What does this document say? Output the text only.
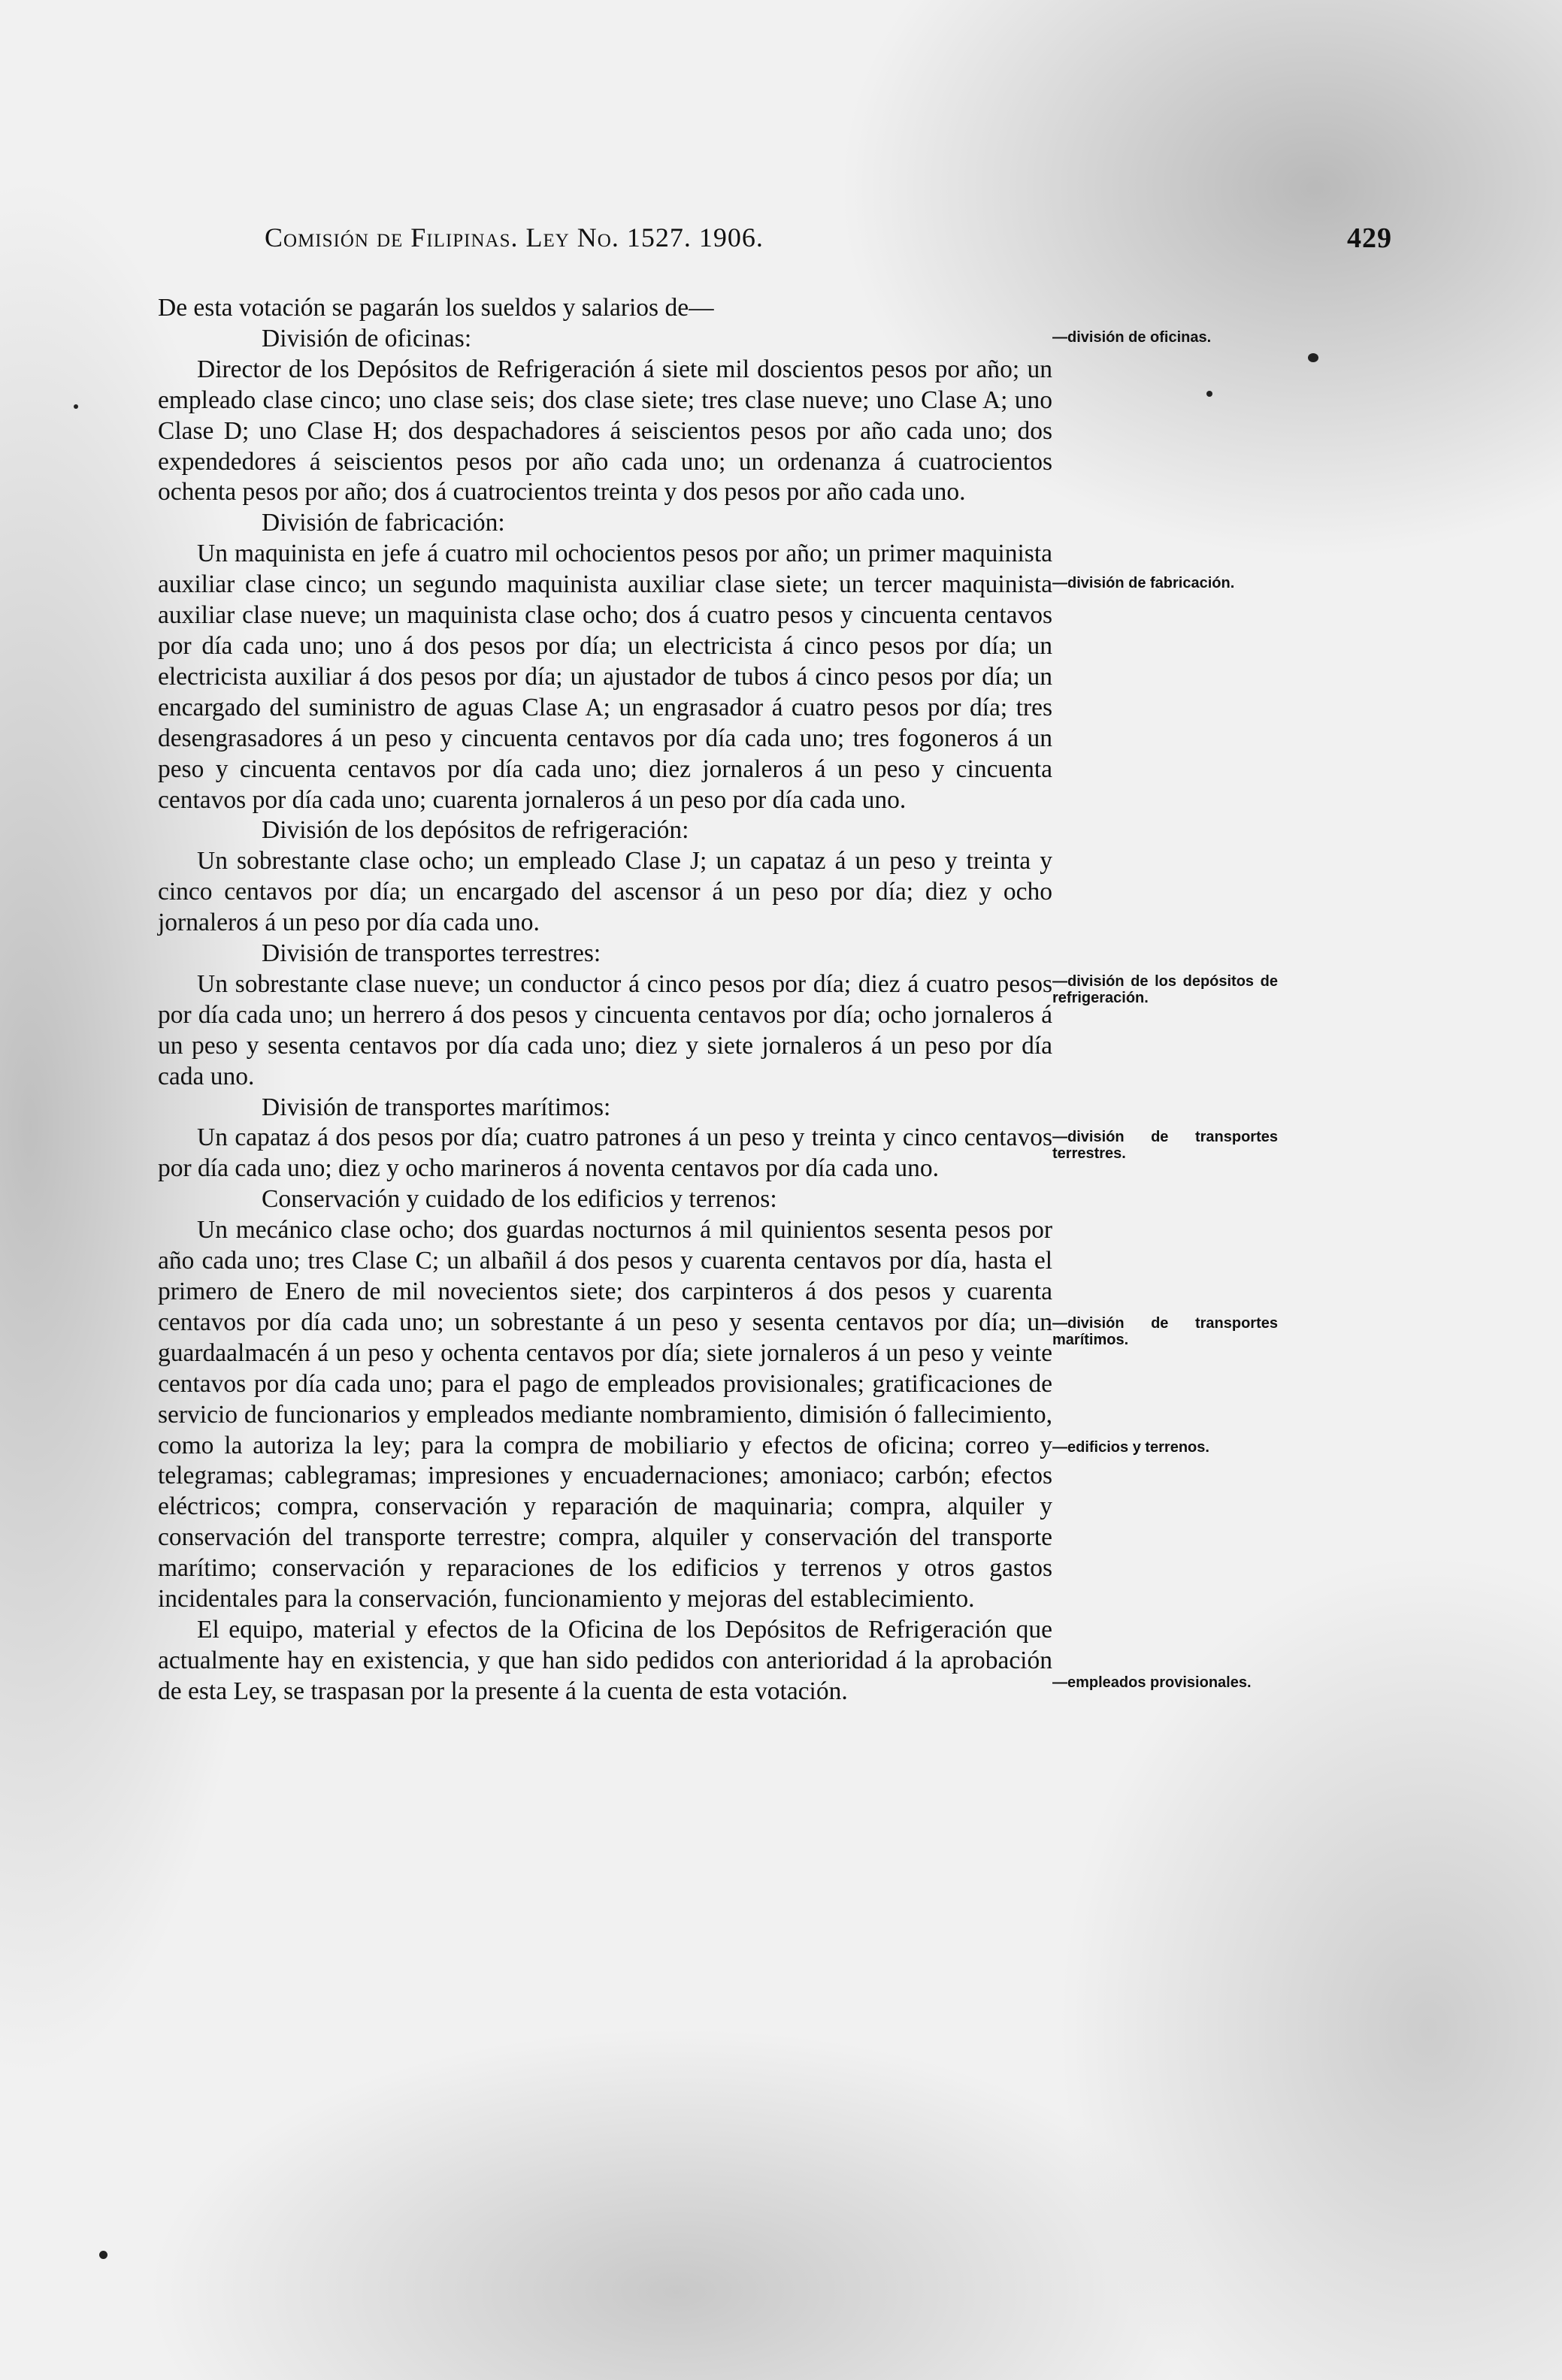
Comisión de Filipinas. Ley No. 1527. 1906.	429

De esta votación se pagarán los sueldos y salarios de—

División de oficinas:

Director de los Depósitos de Refrigeración á siete mil doscientos pesos por año; un empleado clase cinco; uno clase seis; dos clase siete; tres clase nueve; uno Clase A; uno Clase D; uno Clase H; dos despachadores á seiscientos pesos por año cada uno; dos expendedores á seiscientos pesos por año cada uno; un ordenanza á cuatrocientos ochenta pesos por año; dos á cuatrocientos treinta y dos pesos por año cada uno.

División de fabricación:

Un maquinista en jefe á cuatro mil ochocientos pesos por año; un primer maquinista auxiliar clase cinco; un segundo maquinista auxiliar clase siete; un tercer maquinista auxiliar clase nueve; un maquinista clase ocho; dos á cuatro pesos y cincuenta centavos por día cada uno; uno á dos pesos por día; un electricista á cinco pesos por día; un electricista auxiliar á dos pesos por día; un ajustador de tubos á cinco pesos por día; un encargado del suministro de aguas Clase A; un engrasador á cuatro pesos por día; tres desengrasadores á un peso y cincuenta centavos por día cada uno; tres fogoneros á un peso y cincuenta centavos por día cada uno; diez jornaleros á un peso y cincuenta centavos por día cada uno; cuarenta jornaleros á un peso por día cada uno.

División de los depósitos de refrigeración:

Un sobrestante clase ocho; un empleado Clase J; un capataz á un peso y treinta y cinco centavos por día; un encargado del ascensor á un peso por día; diez y ocho jornaleros á un peso por día cada uno.

División de transportes terrestres:

Un sobrestante clase nueve; un conductor á cinco pesos por día; diez á cuatro pesos por día cada uno; un herrero á dos pesos y cincuenta centavos por día; ocho jornaleros á un peso y sesenta centavos por día cada uno; diez y siete jornaleros á un peso por día cada uno.

División de transportes marítimos:

Un capataz á dos pesos por día; cuatro patrones á un peso y treinta y cinco centavos por día cada uno; diez y ocho marineros á noventa centavos por día cada uno.

Conservación y cuidado de los edificios y terrenos:

Un mecánico clase ocho; dos guardas nocturnos á mil quinientos sesenta pesos por año cada uno; tres Clase C; un albañil á dos pesos y cuarenta centavos por día, hasta el primero de Enero de mil novecientos siete; dos carpinteros á dos pesos y cuarenta centavos por día cada uno; un sobrestante á un peso y sesenta centavos por día; un guardaalmacén á un peso y ochenta centavos por día; siete jornaleros á un peso y veinte centavos por día cada uno; para el pago de empleados provisionales; gratificaciones de servicio de funcionarios y empleados mediante nombramiento, dimisión ó fallecimiento, como la autoriza la ley; para la compra de mobiliario y efectos de oficina; correo y telegramas; cablegramas; impresiones y encuadernaciones; amoniaco; carbón; efectos eléctricos; compra, conservación y reparación de maquinaria; compra, alquiler y conservación del transporte terrestre; compra, alquiler y conservación del transporte marítimo; conservación y reparaciones de los edificios y terrenos y otros gastos incidentales para la conservación, funcionamiento y mejoras del establecimiento.

El equipo, material y efectos de la Oficina de los Depósitos de Refrigeración que actualmente hay en existencia, y que han sido pedidos con anterioridad á la aprobación de esta Ley, se traspasan por la presente á la cuenta de esta votación.

—división de oficinas.
—división de fabricación.
—división de los depósitos de refrigeración.
—división de transportes terrestres.
—división de transportes marítimos.
—edificios y terrenos.
—empleados provisionales.
